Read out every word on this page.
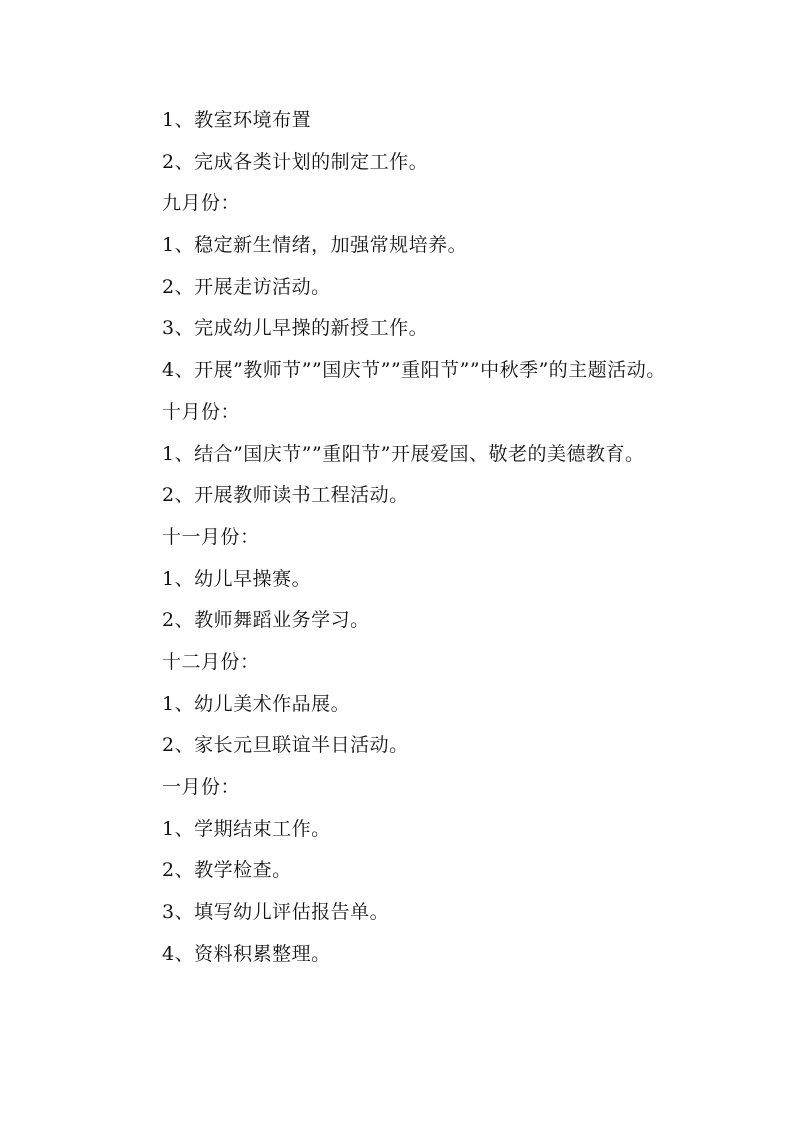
1、教室环境布置
2、完成各类计划的制定工作。
九月份：
1、稳定新生情绪，加强常规培养。
2、开展走访活动。
3、完成幼儿早操的新授工作。
4、开展”教师节””国庆节””重阳节””中秋季”的主题活动。
十月份：
1、结合”国庆节””重阳节”开展爱国、敬老的美德教育。
2、开展教师读书工程活动。
十一月份：
1、幼儿早操赛。
2、教师舞蹈业务学习。
十二月份：
1、幼儿美术作品展。
2、家长元旦联谊半日活动。
一月份：
1、学期结束工作。
2、教学检查。
3、填写幼儿评估报告单。
4、资料积累整理。
